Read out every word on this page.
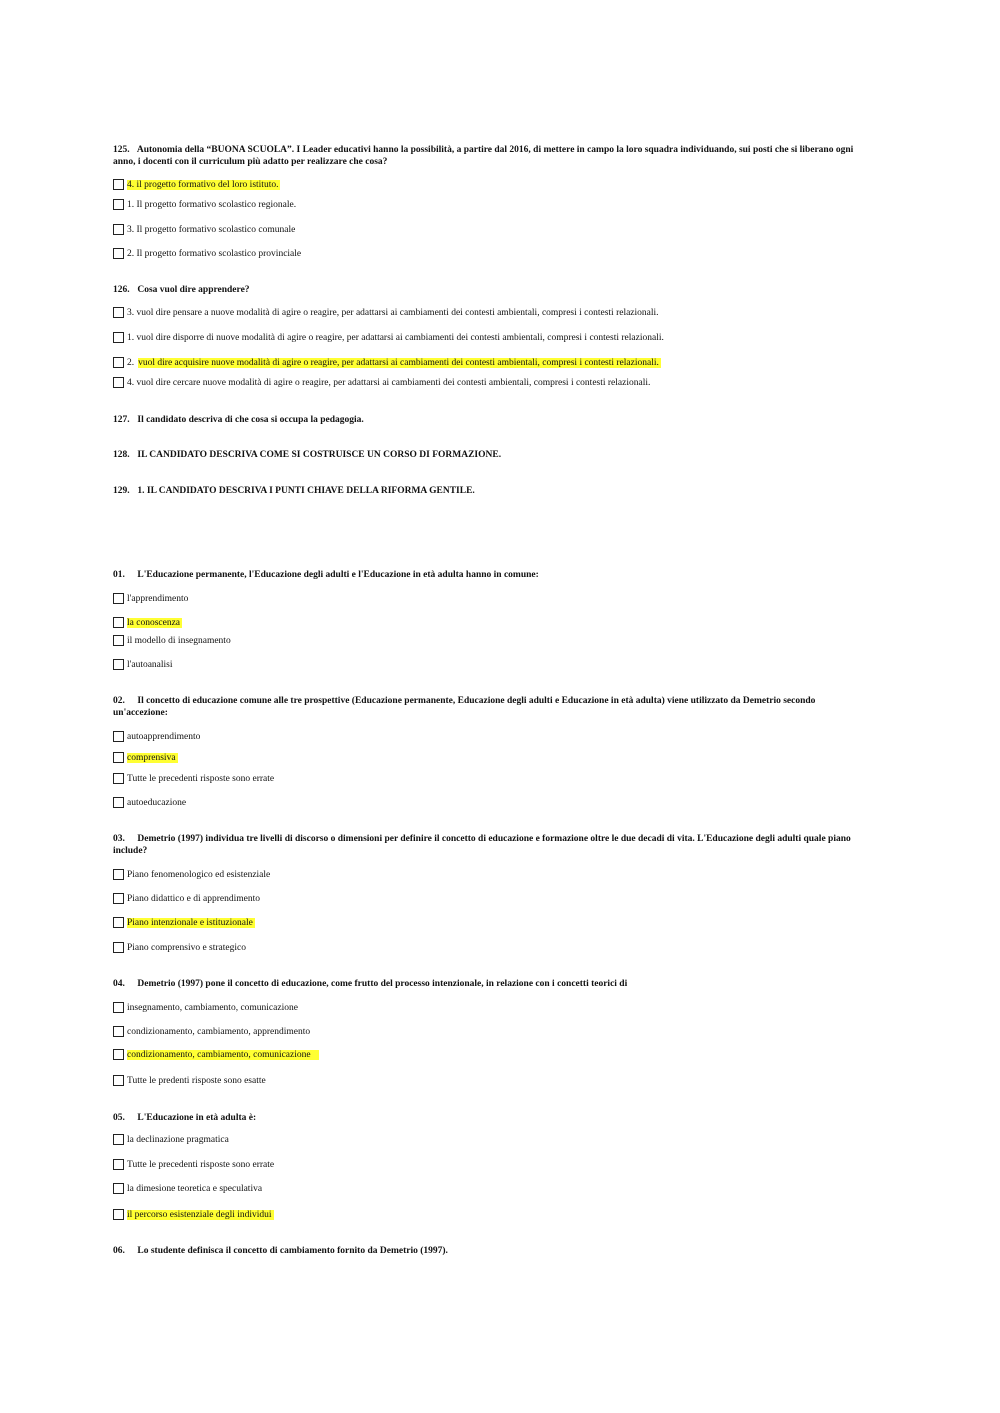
125. Autonomia della “BUONA SCUOLA”. I Leader educativi hanno la possibilità, a partire dal 2016, di mettere in campo la loro squadra individuando, sui posti che si liberano ogni anno, i docenti con il curriculum più adatto per realizzare che cosa?
4. il progetto formativo del loro istituto.
1. Il progetto formativo scolastico regionale.
3. Il progetto formativo scolastico comunale
2. Il progetto formativo scolastico provinciale
126. Cosa vuol dire apprendere?
3. vuol dire pensare a nuove modalità di agire o reagire, per adattarsi ai cambiamenti dei contesti ambientali, compresi i contesti relazionali.
1. vuol dire disporre di nuove modalità di agire o reagire, per adattarsi ai cambiamenti dei contesti ambientali, compresi i contesti relazionali.
2. vuol dire acquisire nuove modalità di agire o reagire, per adattarsi ai cambiamenti dei contesti ambientali, compresi i contesti relazionali.
4. vuol dire cercare nuove modalità di agire o reagire, per adattarsi ai cambiamenti dei contesti ambientali, compresi i contesti relazionali.
127. Il candidato descriva di che cosa si occupa la pedagogia.
128. IL CANDIDATO DESCRIVA COME SI COSTRUISCE UN CORSO DI FORMAZIONE.
129. 1. IL CANDIDATO DESCRIVA I PUNTI CHIAVE DELLA RIFORMA GENTILE.
01. L'Educazione permanente, l'Educazione degli adulti e l'Educazione in età adulta hanno in comune:
l'apprendimento
la conoscenza
il modello di insegnamento
l'autoanalisi
02. Il concetto di educazione comune alle tre prospettive (Educazione permanente, Educazione degli adulti e Educazione in età adulta) viene utilizzato da Demetrio secondo un'accezione:
autoapprendimento
comprensiva
Tutte le precedenti risposte sono errate
autoeducazione
03. Demetrio (1997) individua tre livelli di discorso o dimensioni per definire il concetto di educazione e formazione oltre le due decadi di vita. L'Educazione degli adulti quale piano include?
Piano fenomenologico ed esistenziale
Piano didattico e di apprendimento
Piano intenzionale e istituzionale
Piano comprensivo e strategico
04. Demetrio (1997) pone il concetto di educazione, come frutto del processo intenzionale, in relazione con i concetti teorici di
insegnamento, cambiamento, comunicazione
condizionamento, cambiamento, apprendimento
condizionamento, cambiamento, comunicazione
Tutte le predenti risposte sono esatte
05. L'Educazione in età adulta è:
la declinazione pragmatica
Tutte le precedenti risposte sono errate
la dimesione teoretica e speculativa
il percorso esistenziale degli individui
06. Lo studente definisca il concetto di cambiamento fornito da Demetrio (1997).
